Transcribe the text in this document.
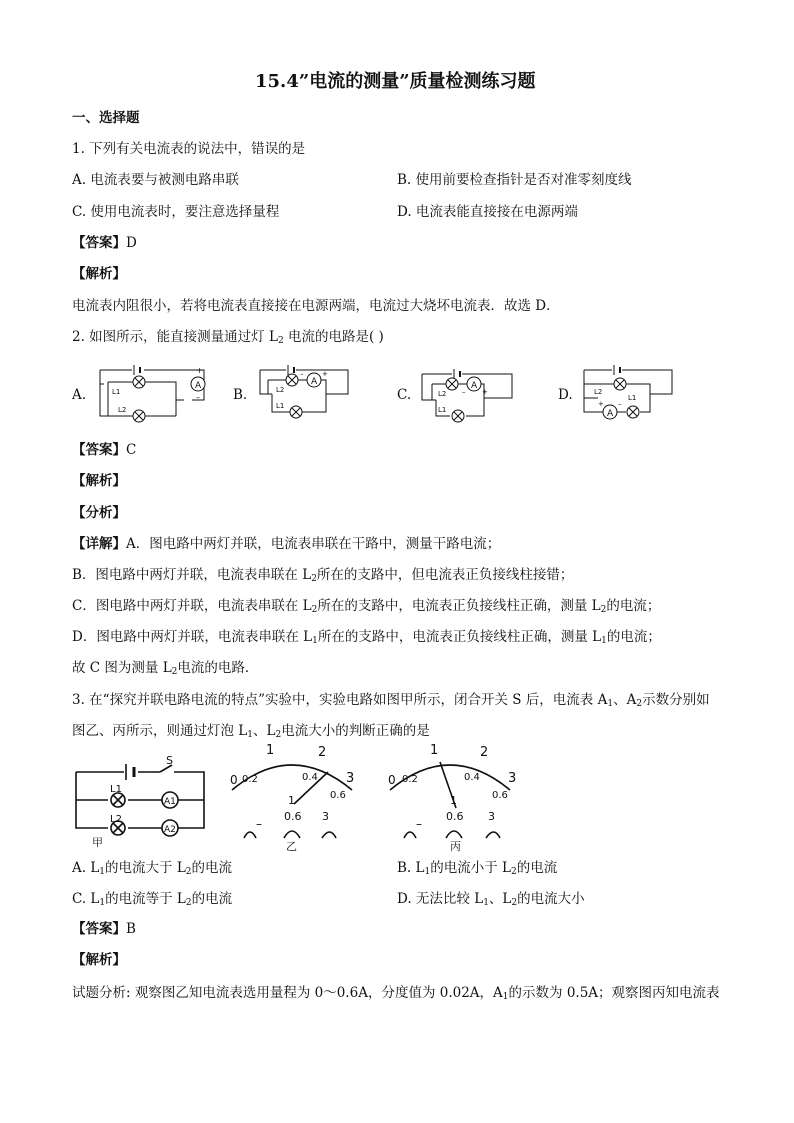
15.4”电流的测量”质量检测练习题
一、选择题
1. 下列有关电流表的说法中，错误的是
A. 电流表要与被测电路串联	B. 使用前要检查指针是否对准零刻度线
C. 使用电流表时，要注意选择量程	D. 电流表能直接接在电源两端
【答案】D
【解析】
电流表内阻很小，若将电流表直接接在电源两端，电流过大烧坏电流表．故选 D．
2. 如图所示，能直接测量通过灯 $L_2$ 电流的电路是( )
A.	B.	C.	D.
A
L1
L2
+
–
A
L2
L1
–	+
A
L2
L1
– +
A
L2
L1
+ –
【答案】C
【解析】
【分析】
【详解】A．图电路中两灯并联，电流表串联在干路中，测量干路电流；
B．图电路中两灯并联，电流表串联在 $L_2$所在的支路中，但电流表正负接线柱接错；
C．图电路中两灯并联，电流表串联在 $L_2$所在的支路中，电流表正负接线柱正确，测量 $L_2$的电流；
D．图电路中两灯并联，电流表串联在 $L_1$所在的支路中，电流表正负接线柱正确，测量 $L_1$的电流；
故 C 图为测量 $L_2$电流的电路．
3. 在“探究并联电路电流的特点”实验中，实验电路如图甲所示，闭合开关 S 后，电流表 $A_1$、$A_2$示数分别如
图乙、丙所示，则通过灯泡 $L_1$、$L_2$电流大小的判断正确的是
A1
A2
S
L1
L2
甲
1	2
3
0 0.2	0.4
0.6
1
–
0.6 3
乙
1	2
3
0 0.2	0.4
0.6
1
–
0.6 3
丙
A. $L_1$的电流大于 $L_2$的电流	B. $L_1$的电流小于 $L_2$的电流
C. $L_1$的电流等于 $L_2$的电流	D. 无法比较 $L_1$、$L_2$的电流大小
【答案】B
【解析】
试题分析: 观察图乙知电流表选用量程为 0～0.6A，分度值为 0.02A，$A_1$的示数为 0.5A；观察图丙知电流表
